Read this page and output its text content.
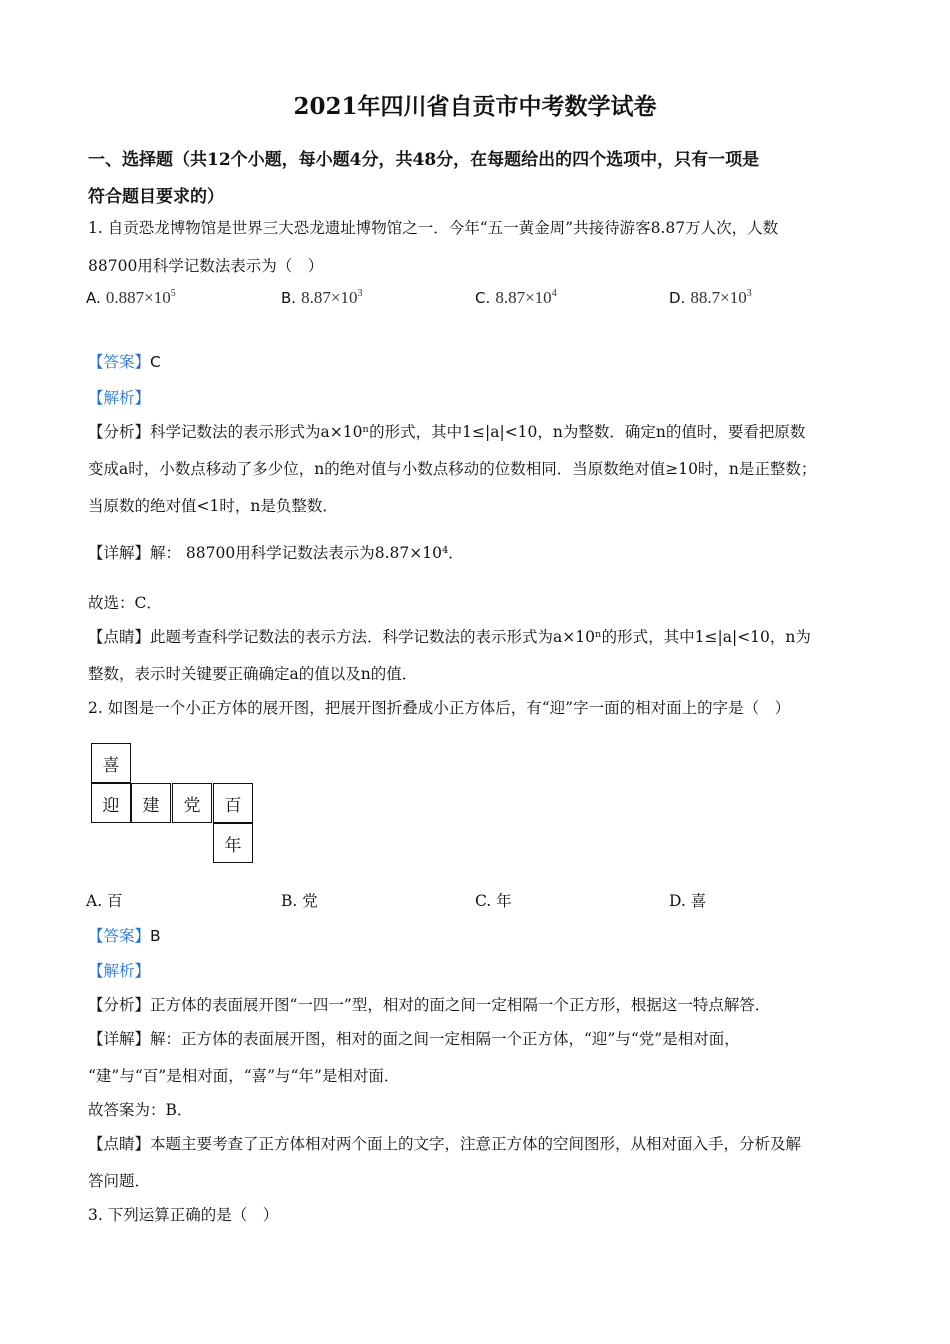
2021年四川省自贡市中考数学试卷
一、选择题（共12个小题，每小题4分，共48分，在每题给出的四个选项中，只有一项是
符合题目要求的）
1. 自贡恐龙博物馆是世界三大恐龙遗址博物馆之一．今年“五一黄金周”共接待游客8.87万人次，人数
88700用科学记数法表示为（　）
A. $0.887\times 10^5$	B. $8.87\times 10^3$	C. $8.87\times 10^4$	D. $88.7\times 10^3$
【答案】C
【解析】
【分析】科学记数法的表示形式为a×10ⁿ的形式，其中1≤|a|<10，n为整数．确定n的值时，要看把原数
变成a时，小数点移动了多少位，n的绝对值与小数点移动的位数相同．当原数绝对值≥10时，n是正整数；
当原数的绝对值<1时，n是负整数．
【详解】解： 88700用科学记数法表示为8.87×10⁴．
故选：C．
【点睛】此题考查科学记数法的表示方法．科学记数法的表示形式为a×10ⁿ的形式，其中1≤|a|<10，n为
整数，表示时关键要正确确定a的值以及n的值．
2. 如图是一个小正方体的展开图，把展开图折叠成小正方体后，有“迎”字一面的相对面上的字是（　）
喜
迎	建	党	百
年
A. 百	B. 党	C. 年	D. 喜
【答案】B
【解析】
【分析】正方体的表面展开图“一四一”型，相对的面之间一定相隔一个正方形，根据这一特点解答．
【详解】解：正方体的表面展开图，相对的面之间一定相隔一个正方体，“迎”与“党”是相对面，
“建”与“百”是相对面，“喜”与“年”是相对面．
故答案为：B．
【点睛】本题主要考查了正方体相对两个面上的文字，注意正方体的空间图形，从相对面入手，分析及解
答问题．
3. 下列运算正确的是（　）
